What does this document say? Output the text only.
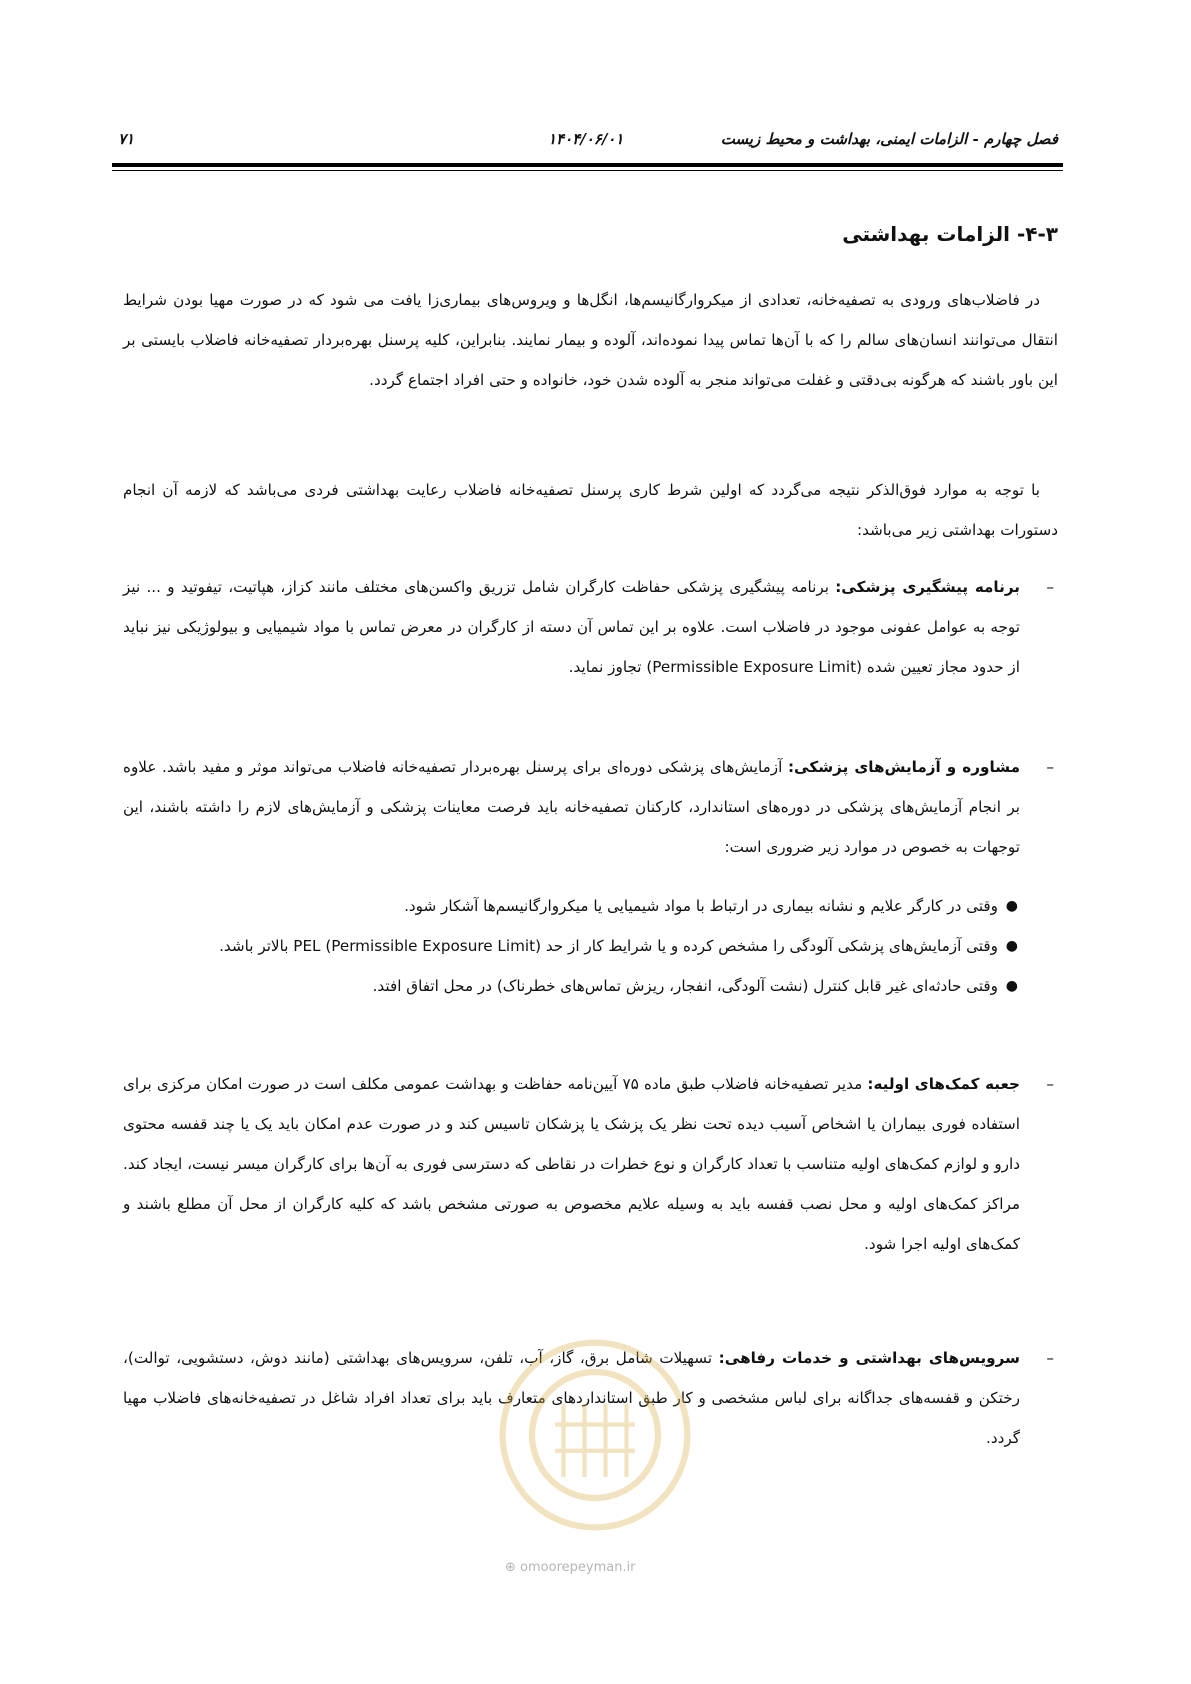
فصل چهارم - الزامات ایمنی، بهداشت و محیط زیست
۱۴۰۴/۰۶/۰۱
۷۱
۴-۳- الزامات بهداشتی

در فاضلاب‌های ورودی به تصفیه‌خانه، تعدادی از میکروارگانیسم‌ها، انگل‌ها و ویروس‌های بیماری‌زا یافت می شود که در صورت مهیا بودن شرایط انتقال می‌توانند انسان‌های سالم را که با آن‌ها تماس پیدا نموده‌اند، آلوده و بیمار نمایند. بنابراین، کلیه پرسنل بهره‌بردار تصفیه‌خانه فاضلاب بایستی بر این باور باشند که هرگونه بی‌دقتی و غفلت می‌تواند منجر به آلوده شدن خود، خانواده و حتی افراد اجتماع گردد.

با توجه به موارد فوق‌الذکر نتیجه می‌گردد که اولین شرط کاری پرسنل تصفیه‌خانه فاضلاب رعایت بهداشتی فردی می‌باشد که لازمه آن انجام دستورات بهداشتی زیر می‌باشد:

–
برنامه پیشگیری پزشکی: برنامه پیشگیری پزشکی حفاظت کارگران شامل تزریق واکسن‌های مختلف مانند کزاز، هپاتیت، تیفوتید و ... نیز توجه به عوامل عفونی موجود در فاضلاب است. علاوه بر این تماس آن دسته از کارگران در معرض تماس با مواد شیمیایی و بیولوژیکی نیز نباید از حدود مجاز تعیین شده (Permissible Exposure Limit) تجاوز نماید.
–
مشاوره و آزمایش‌های پزشکی: آزمایش‌های پزشکی دوره‌ای برای پرسنل بهره‌بردار تصفیه‌خانه فاضلاب می‌تواند موثر و مفید باشد. علاوه بر انجام آزمایش‌های پزشکی در دوره‌های استاندارد، کارکنان تصفیه‌خانه باید فرصت معاینات پزشکی و آزمایش‌های لازم را داشته باشند، این توجهات به خصوص در موارد زیر ضروری است:
●
وقتی در کارگر علایم و نشانه بیماری در ارتباط با مواد شیمیایی یا میکروارگانیسم‌ها آشکار شود.
●
وقتی آزمایش‌های پزشکی آلودگی را مشخص کرده و یا شرایط کار از حد PEL (Permissible Exposure Limit) بالاتر باشد.
●
وقتی حادثه‌ای غیر قابل کنترل (نشت آلودگی، انفجار، ریزش تماس‌های خطرناک) در محل اتفاق افتد.
–
جعبه کمک‌های اولیه: مدیر تصفیه‌خانه فاضلاب طبق ماده ۷۵ آیین‌نامه حفاظت و بهداشت عمومی مکلف است در صورت امکان مرکزی برای استفاده فوری بیماران یا اشخاص آسیب دیده تحت نظر یک پزشک یا پزشکان تاسیس کند و در صورت عدم امکان باید یک یا چند قفسه محتوی دارو و لوازم کمک‌های اولیه متناسب با تعداد کارگران و نوع خطرات در نقاطی که دسترسی فوری به آن‌ها برای کارگران میسر نیست، ایجاد کند. مراکز کمک‌های اولیه و محل نصب قفسه باید به وسیله علایم مخصوص به صورتی مشخص باشد که کلیه کارگران از محل آن مطلع باشند و کمک‌های اولیه اجرا شود.
–
سرویس‌های بهداشتی و خدمات رفاهی: تسهیلات شامل برق، گاز، آب، تلفن، سرویس‌های بهداشتی (مانند دوش، دستشویی، توالت)، رختکن و قفسه‌های جداگانه برای لباس مشخصی و کار طبق استانداردهای متعارف باید برای تعداد افراد شاغل در تصفیه‌خانه‌های فاضلاب مهیا گردد.
⊕ omoorepeyman.ir
